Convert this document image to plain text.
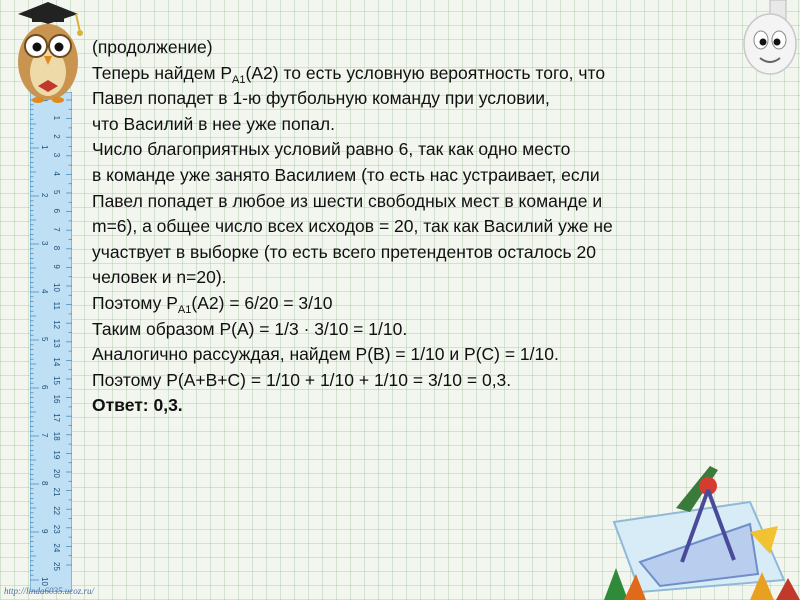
1
2
3
4
5
6
7
8
9
10
1
2
3
4
5
6
7
8
9
10
11
12
13
14
15
16
17
18
19
20
21
22
23
24
25
(продолжение)
Теперь найдем $P_{A1}(A2)$ то есть условную вероятность того, что
Павел попадет в 1-ю футбольную команду при условии,
что Василий в нее уже попал.
Число благоприятных условий равно 6, так как одно место
в команде уже занято Василием (то есть нас устраивает, если
Павел попадет в любое из шести свободных мест в команде и
m=6), а общее число всех исходов = 20, так как Василий уже не
участвует в выборке (то есть всего претендентов осталось 20
человек и n=20).
Поэтому $P_{A1}(A2) = 6/20 = 3/10$
Таким образом P(A) = 1/3 · 3/10 = 1/10.
Аналогично рассуждая, найдем P(B) = 1/10 и P(C) = 1/10.
Поэтому P(A+B+C) = 1/10 + 1/10 + 1/10 = 3/10 = 0,3.
Ответ: 0,3.
http://linda6035.ucoz.ru/
